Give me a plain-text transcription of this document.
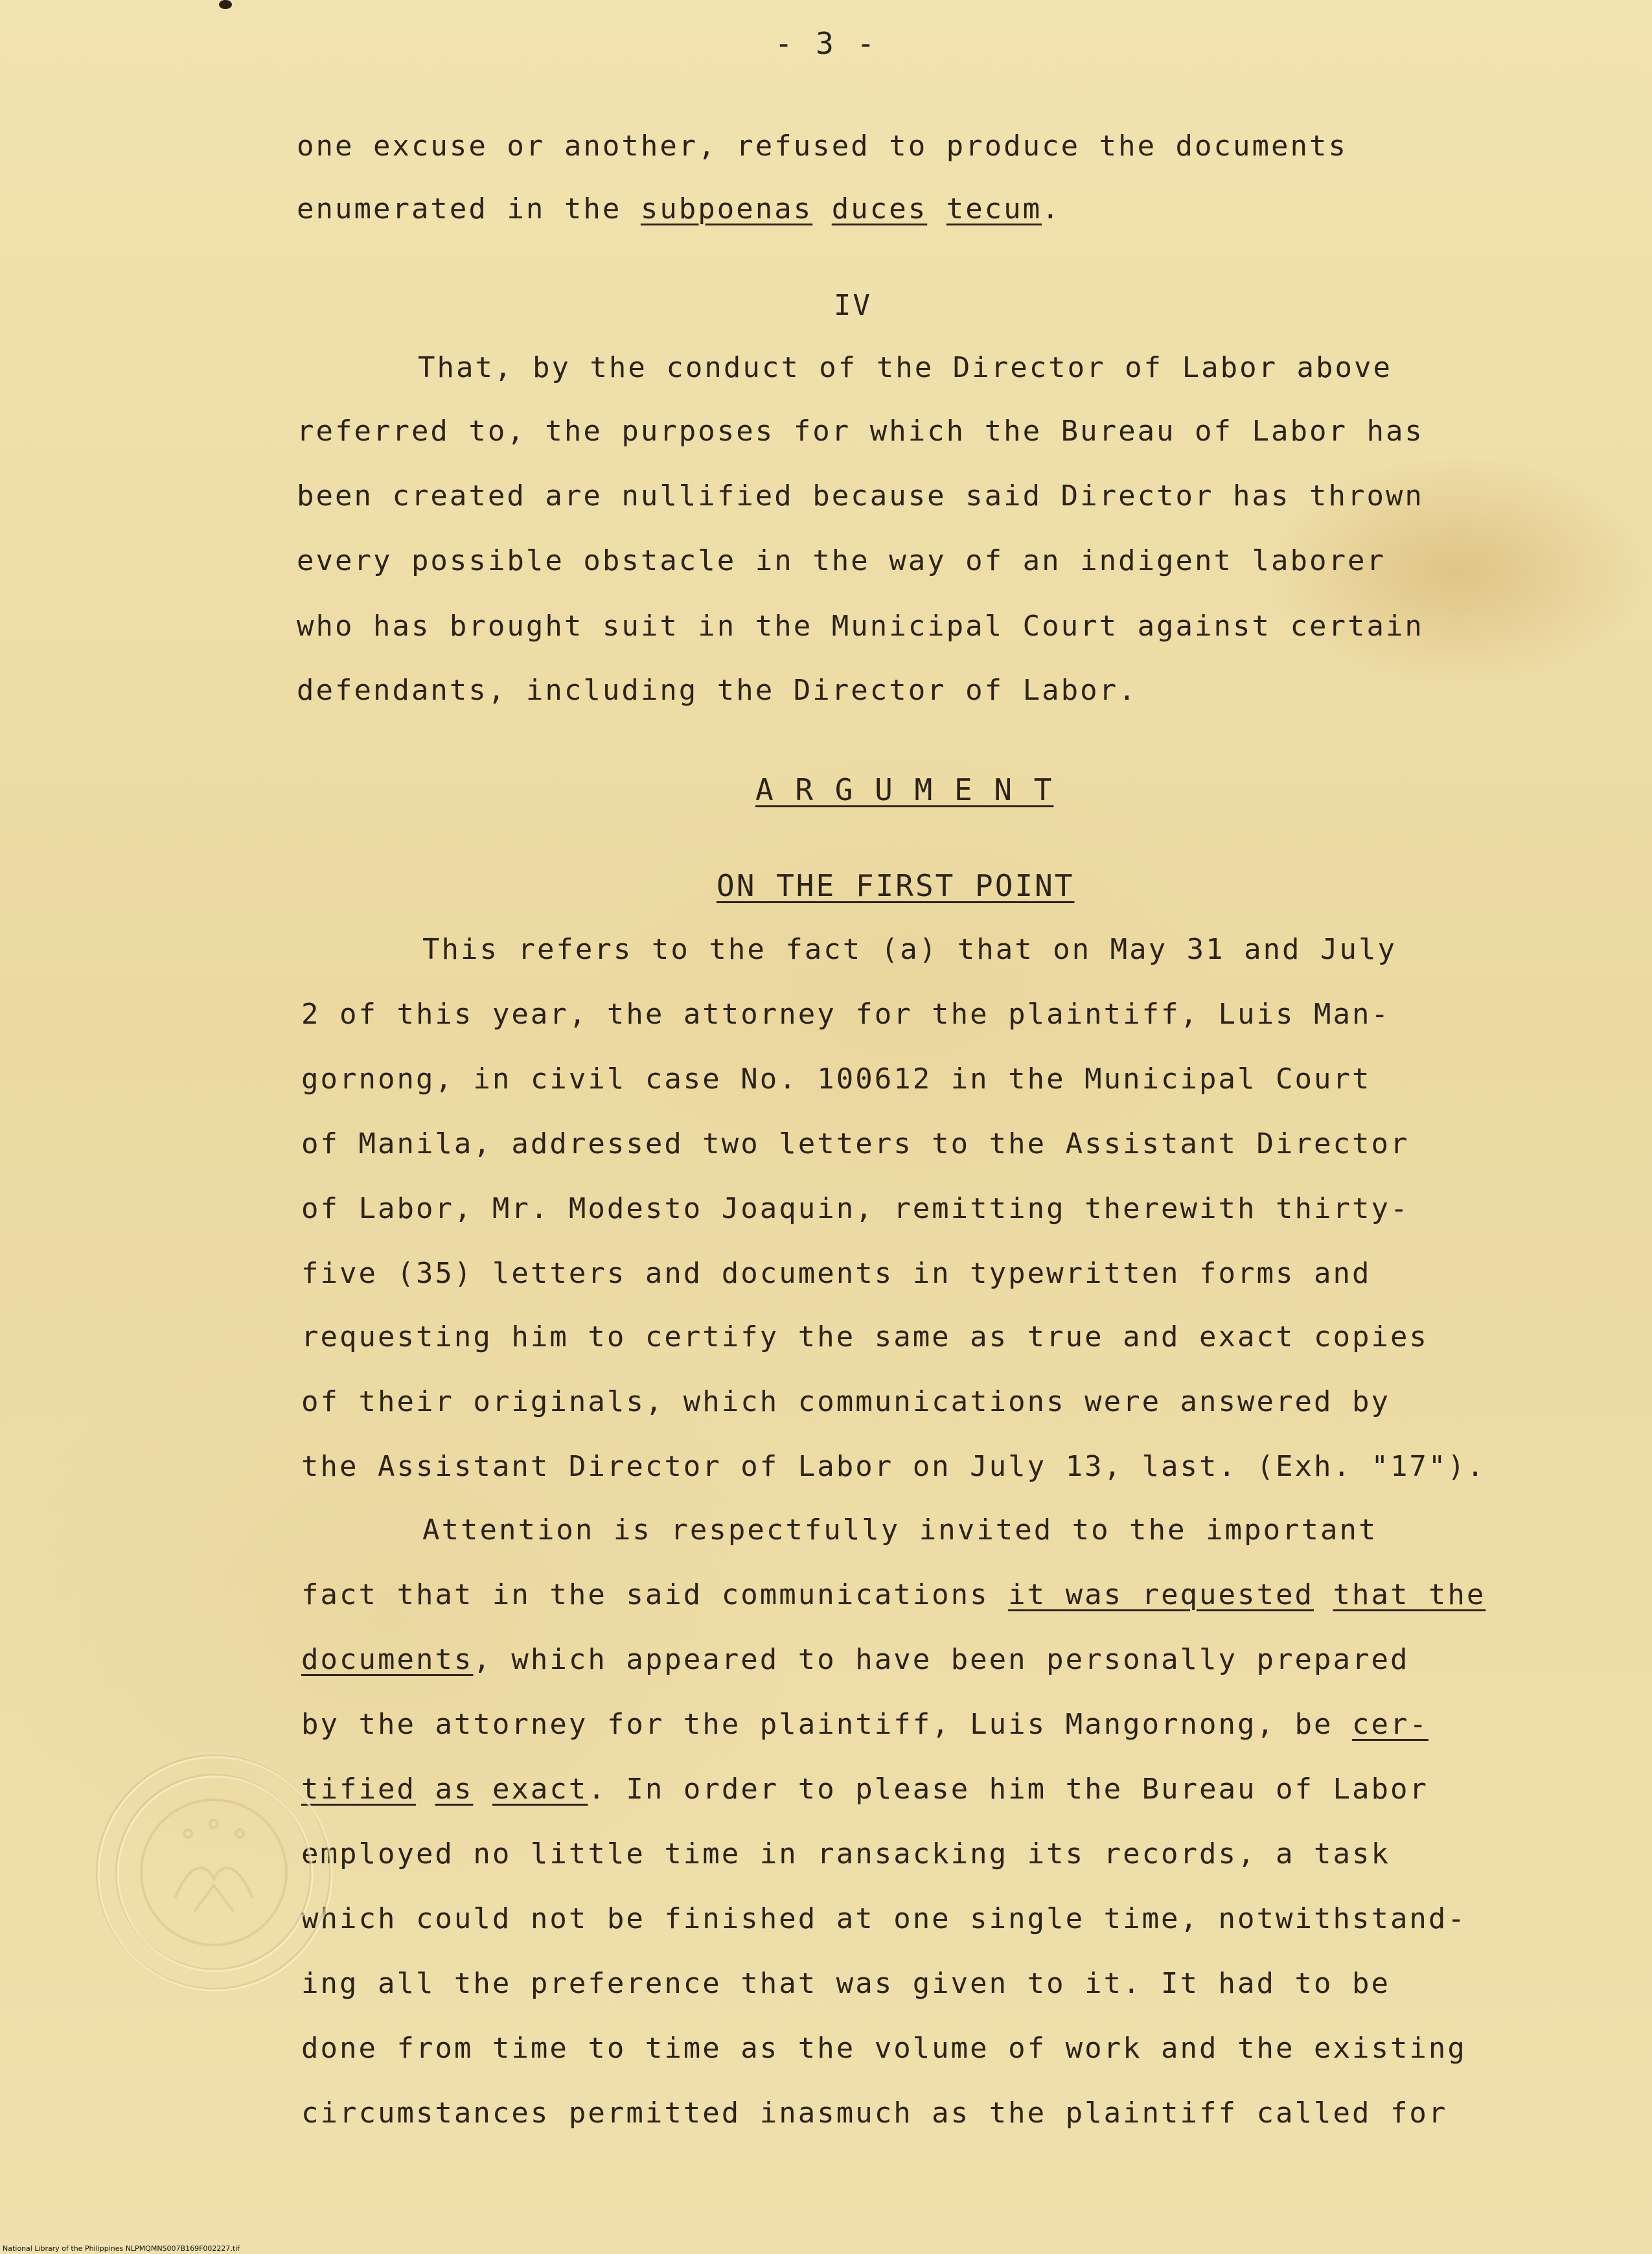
- 3 -
one excuse or another, refused to produce the documents
enumerated in the subpoenas duces tecum.
IV
That, by the conduct of the Director of Labor above
referred to, the purposes for which the Bureau of Labor has
been created are nullified because said Director has thrown
every possible obstacle in the way of an indigent laborer
who has brought suit in the Municipal Court against certain
defendants, including the Director of Labor.
A R G U M E N T
ON THE FIRST POINT
This refers to the fact (a) that on May 31 and July
2 of this year, the attorney for the plaintiff, Luis Man-
gornong, in civil case No. 100612 in the Municipal Court
of Manila, addressed two letters to the Assistant Director
of Labor, Mr. Modesto Joaquin, remitting therewith thirty-
five (35) letters and documents in typewritten forms and
requesting him to certify the same as true and exact copies
of their originals, which communications were answered by
the Assistant Director of Labor on July 13, last. (Exh. "17").
Attention is respectfully invited to the important
fact that in the said communications it was requested that the
documents, which appeared to have been personally prepared
by the attorney for the plaintiff, Luis Mangornong, be cer-
tified as exact. In order to please him the Bureau of Labor
employed no little time in ransacking its records, a task
which could not be finished at one single time, notwithstand-
ing all the preference that was given to it. It had to be
done from time to time as the volume of work and the existing
circumstances permitted inasmuch as the plaintiff called for
National Library of the Philippines NLPMQMNS007B169F002227.tif
